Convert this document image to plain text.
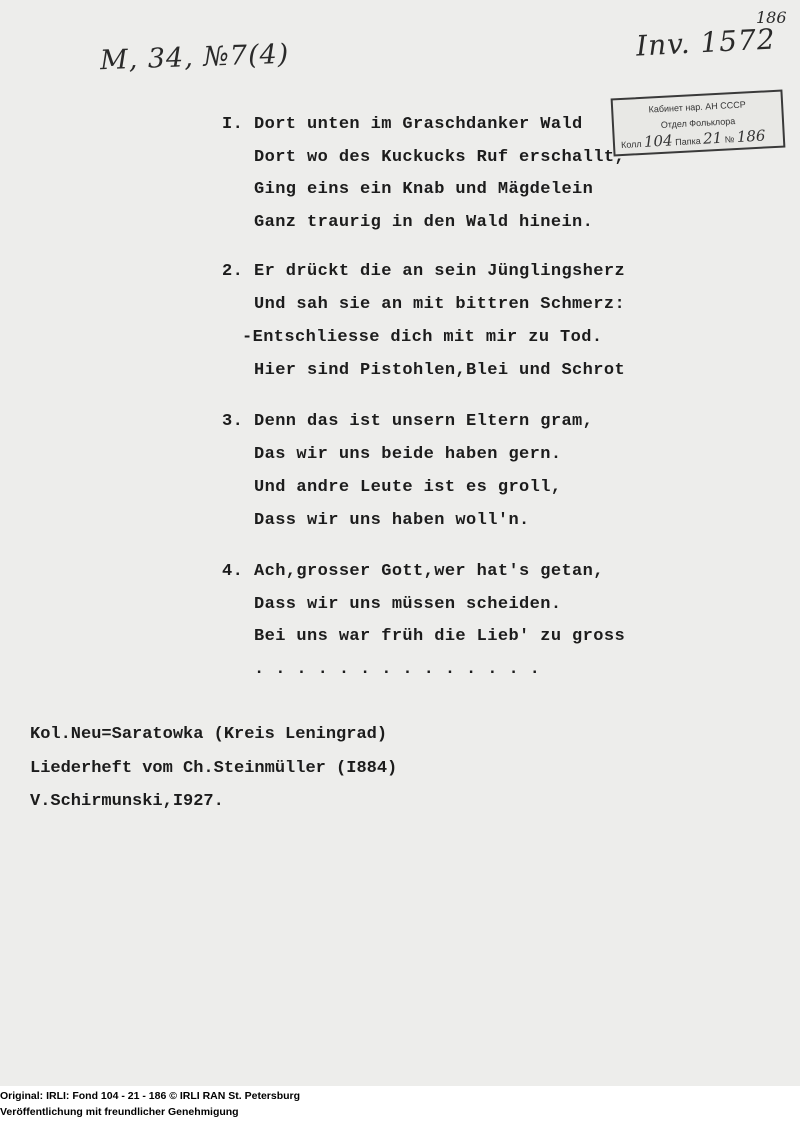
М, 34, №7(4)	Inv. 1572
186
Кабинет нар. АН СССР
Отдел Фольклора
Колл 104 Папка 21 № 186
I. Dort unten im Graschdanker Wald
Dort wo des Kuckucks Ruf erschallt,
Ging eins ein Knab und Mägdelein
Ganz traurig in den Wald hinein.
2. Er drückt die an sein Jünglingsherz
Und sah sie an mit bittren Schmerz:
-Entschliesse dich mit mir zu Tod.
Hier sind Pistohlen,Blei und Schrot
3. Denn das ist unsern Eltern gram,
Das wir uns beide haben gern.
Und andre Leute ist es groll,
Dass wir uns haben woll'n.
4. Ach,grosser Gott,wer hat's getan,
Dass wir uns müssen scheiden.
Bei uns war früh die Lieb' zu gross
. . . . . . . . . . . . . .
Kol.Neu=Saratowka (Kreis Leningrad)
Liederheft vom Ch.Steinmüller (I884)
V.Schirmunski,I927.
Original: IRLI: Fond 104 - 21 - 186 © IRLI RAN St. Petersburg
Veröffentlichung mit freundlicher Genehmigung
